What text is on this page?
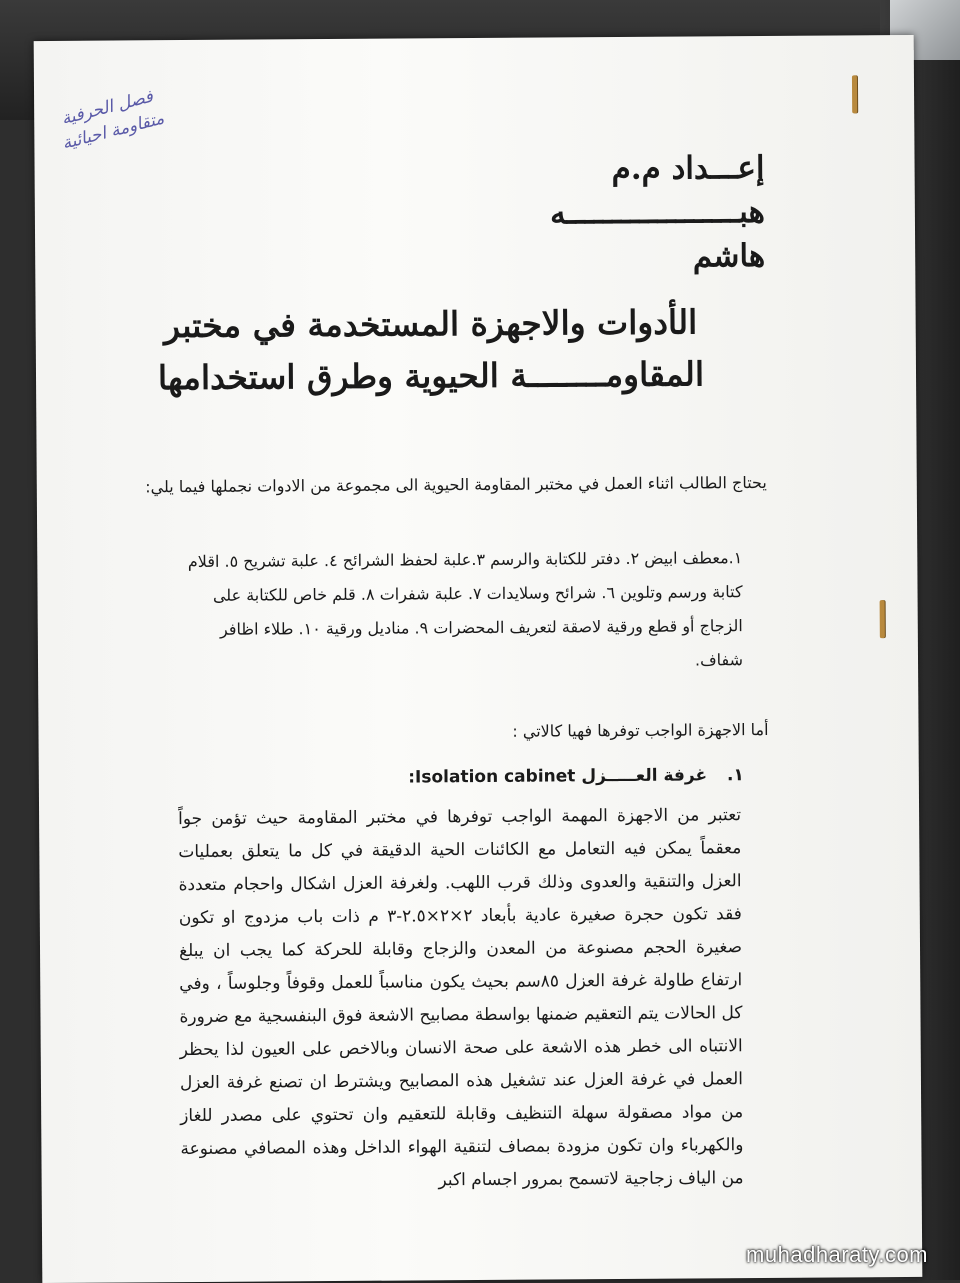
فصل الحرفية متقاومة احيائية
إعـــداد م.م
هبـــــــــــــــــــه
هاشم
الأدوات والاجهزة المستخدمة في مختبر المقاومــــــــة الحيوية وطرق استخدامها
يحتاج الطالب اثناء العمل في مختبر المقاومة الحيوية الى مجموعة من الادوات نجملها فيما يلي:
١.معطف ابيض ٢. دفتر للكتابة والرسم ٣.علبة لحفظ الشرائح ٤. علبة تشريح ٥. اقلام كتابة ورسم وتلوين ٦. شرائح وسلايدات ٧. علبة شفرات ٨. قلم خاص للكتابة على الزجاج أو قطع ورقية لاصقة لتعريف المحضرات ٩. مناديل ورقية ١٠. طلاء اظافر شفاف.
أما الاجهزة الواجب توفرها فهيا كالاتي :
١. غرفة العـــــزل Isolation cabinet:
تعتبر من الاجهزة المهمة الواجب توفرها في مختبر المقاومة حيث تؤمن جواً معقماً يمكن فيه التعامل مع الكائنات الحية الدقيقة في كل ما يتعلق بعمليات العزل والتنقية والعدوى وذلك قرب اللهب. ولغرفة العزل اشكال واحجام متعددة فقد تكون حجرة صغيرة عادية بأبعاد ٢×٢×٢.٥-٣ م ذات باب مزدوج او تكون صغيرة الحجم مصنوعة من المعدن والزجاج وقابلة للحركة كما يجب ان يبلغ ارتفاع طاولة غرفة العزل ٨٥سم بحيث يكون مناسباً للعمل وقوفاً وجلوساً ، وفي كل الحالات يتم التعقيم ضمنها بواسطة مصابيح الاشعة فوق البنفسجية مع ضرورة الانتباه الى خطر هذه الاشعة على صحة الانسان وبالاخص على العيون لذا يحظر العمل في غرفة العزل عند تشغيل هذه المصابيح ويشترط ان تصنع غرفة العزل من مواد مصقولة سهلة التنظيف وقابلة للتعقيم وان تحتوي على مصدر للغاز والكهرباء وان تكون مزودة بمصاف لتنقية الهواء الداخل وهذه المصافي مصنوعة من الياف زجاجية لاتسمح بمرور اجسام اكبر
muhadharaty.com
